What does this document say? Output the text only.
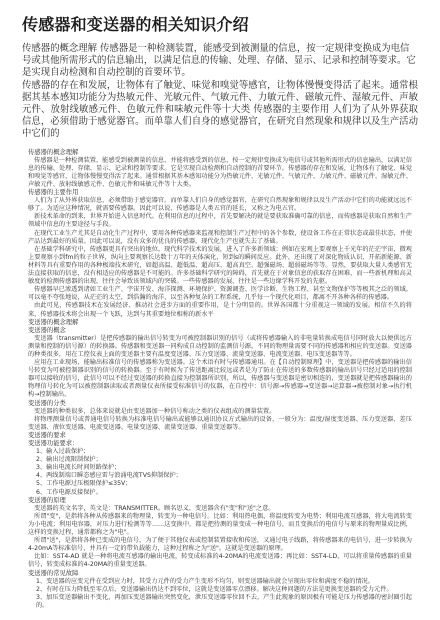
传感器和变送器的相关知识介绍

传感器的概念理解 传感器是一种检测装置，能感受到被测量的信息，按一定规律变换成为电信号或其他所需形式的信息输出，以满足信息的传输、处理、存储、显示、记录和控制等要求。它是实现自动检测和自动控制的首要环节。

传感器的存在和发展，让物体有了触觉、味觉和嗅觉等感官，让物体慢慢变得活了起来。通常根据其基本感知功能分为热敏元件、光敏元件、气敏元件、力敏元件、磁敏元件、湿敏元件、声敏元件、放射线敏感元件、色敏元件和味敏元件等十大类 传感器的主要作用 人们为了从外界获取信息，必须借助于感觉器官。而单靠人们自身的感觉器官，在研究自然现象和规律以及生产活动中它们的

传感器的概念理解

传感器是一种检测装置，能感受到被测量的信息，并能将感受到的信息，按一定规律变换成为电信号或其他所需形式的信息输出，以满足信息的传输、处理、存储、显示、记录和控制等要求。它是实现自动检测和自动控制的首要环节。传感器的存在和发展，让物体有了触觉、味觉和嗅觉等感官，让物体慢慢变得活了起来。通常根据其基本感知功能分为热敏元件、光敏元件、气敏元件、力敏元件、磁敏元件、湿敏元件、声敏元件、放射线敏感元件、色敏元件和味敏元件等十大类。

传感器的主要作用

人们为了从外界获取信息，必须借助于感觉器官。而单靠人们自身的感觉器官，在研究自然现象和规律以及生产活动中它们的功能就远远不够了。为适应这种情况，就需要传感器。因此可以说，传感器是人类五官的延长，又称之为电五官。

新技术革命的到来，世界开始进入信息时代。在利用信息的过程中，首先要解决的就是要获取准确可靠的信息，而传感器是获取自然和生产领域中信息的主要途径与手段。

在现代工业生产尤其是自动化生产过程中，要用各种传感器来监视和控制生产过程中的各个参数，使设备工作在正常状态或最佳状态，并使产品达到最好的质量。因此可以说，没有众多的优良的传感器，现代化生产也就失去了基础。

在基础学科研究中，传感器更具有突出的地位。现代科学技术的发展，进入了许多新领域：例如在宏观上要观察上千光年的茫茫宇宙，微观上要观察小到fm的粒子世界，纵向上要观察长达数十万年的天体演化，短到s的瞬间反应。此外，还出现了对深化物质认识、开拓新能源、新材料等具有重要作用的各种极端技术研究，如超高温、超低温、超高压、超高真空、超强磁场、超弱磁场等等。显然，要获取大量人类感官无法直接获取的信息，没有相适应的传感器是不可能的。许多基础科学研究的障碍，首先就在于对象信息的获取存在困难，而一些新机理和高灵敏度的检测传感器的出现，往往会导致该领域内的突破。一些传感器的发展，往往是一些边缘学科开发的先驱。

传感器早已渗透到诸如工业生产、宇宙开发、海洋探测、环境保护、资源调查、医学诊断、生物工程、甚至文物保护等等极其之泛的领域。可以毫不夸张地说，从茫茫的太空，到浩瀚的海洋，以至各种复杂的工程系统，几乎每一个现代化项目，都离不开各种各样的传感器。

由此可见，传感器技术在发展经济、推动社会进步方面的重要作用，是十分明显的。世界各国都十分重视这一领域的发展。相信不久的将来，传感器技术将会出现一个飞跃，达到与其重要地位相称的新水平

变送器的概念理解

变送器的概念

变送器（transmitter）是把传感器的输出信号转变为可被控制器识别的信号（或将传感器输入的非电量转换成电信号同时放大以便供远方测量和控制的信号源）的转换器。传感器和变送器一同构成自动控制的监测信号源。不同的物理量需要不同的传感器和相应的变送器。变送器的种类很多，用在工控仪表上面的变送器主要有温度变送器、压力变送器、流量变送器、电流变送器、电压变送器等等。

应用在工业现场，能输出标准信号的传感器称为变送器。这个术语有时与传感器通用。在【自动控制原理】中，变送器是把传感器的输出信号转变为可被控制器识别的信号的转换器。至于有时候为了传送距离比较远或者是为了防止在传送的多数传感器的输出信号只经过适用的控制器可以接收的信号，此信号可以不经过变送器的转换直接为控制器所识别，所以，传感器与变送器是密切相连的，变送器就是把传感器输出的物理信号转化为可以被控制器读取或者测量仪表所接受标准信号的仪器，在自控中：信号源→传感器→变送器→运算器→被控制对象→执行机构→控制输出。

变送器的分类

变送器的种类很多，总体来说就是由变送器加一种信号称动之类的仪表组成的测量装置。

将物理测量信号或普通电信号转换为标准电信号输出或能够以通讯协议方式输出的设备，一般分为：温度/湿度变送器、压力变送器、差压变送器、液位变送器、电流变送器、电量变送器、流量变送器、重量变送器等。

变送器的要求

变送器功能要求：

1、输入过载保护；

2、输出过流限制保护；

3、输出电流长时间短路保护；

4、两线制端口瞬态感应雷与浪涌电流TVS抑制保护；

5、工作电源过压极限保护≤35V；

6、工作电源反接保护。

变送器的原理

变送器的英文名字，英文是：TRANSMITTER。顾名思义，变送器含有"变"和"送"之意。

所谓"变"，是指将各种从传感器来的物理量，转变为一种电信号。比如：利用热电偶，将温度转变为电势；利用电流互感器，将大电流转变为小电流；利用电容器，对压力进行检测等等……这变换中，都是把待测的量变成一种电信号，而且变换后的电信号与原来的物理量成比例，这样的变换过程，通常都称之为"电"。

所谓"送"，是指将各种已变成的电信号，为了便于其他仪表或控制装置接收和传送，又通过电子线路，将传感器来的电信号，进一步转换为4-20mA等标准信号，并具有一定的带负载能力，这种过程称之为"送"。这就是变送器的原理。

比如：SST4-AD 就是一种将电流互感器的输出电流，转变成标准的4-20MA的电流变送器；再比如：SST4-LD，可以将重量传感器的重量信号，转变成标准的4-20MA的重量变送器。

变送器的常见故障

1、变送器的应变元件在受到应力时，其受力元件的受力产生变形不均匀，则变送器输出就会呈现出零位和满度不稳的情况。

2、有时在压力降低至零点后，变送器输出仍达不到零位，这就是变送器零点漂移。解决这种问题的方法是更换变送器的受力元件。

3、加压变送器输出不变化，再加压变送器输出突然变化，泄压变送器零位回不去，产生此现象的原因极有可能是压力传感器的密封圈引起的。
